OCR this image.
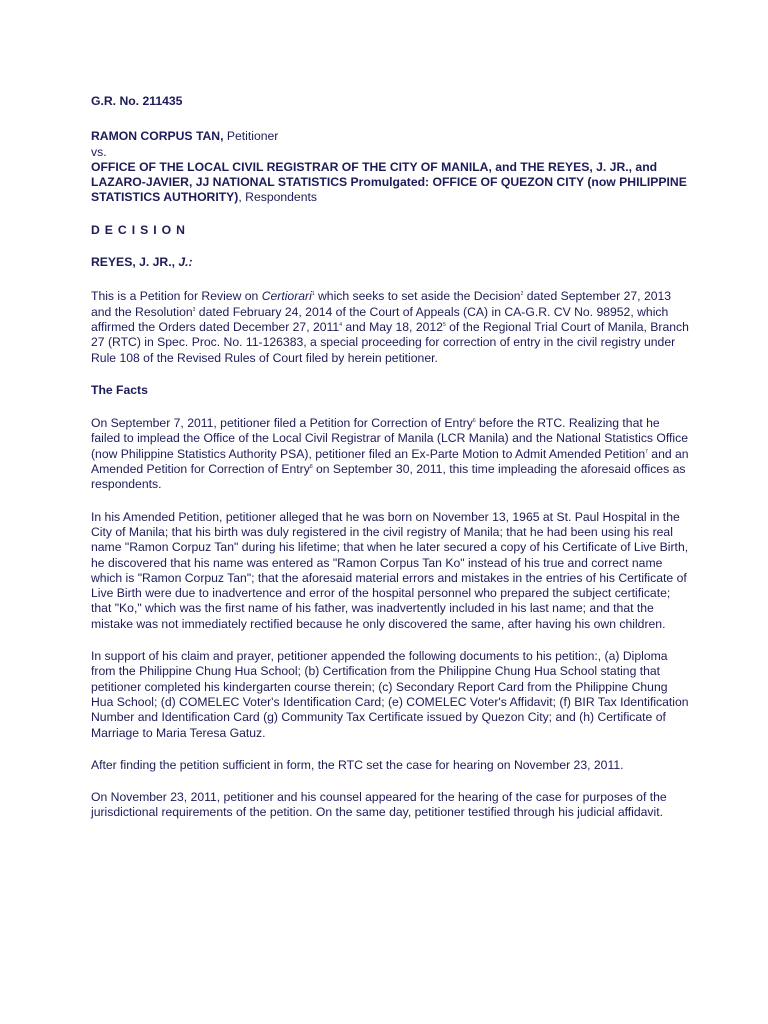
G.R. No. 211435
RAMON CORPUS TAN, Petitioner
vs.
OFFICE OF THE LOCAL CIVIL REGISTRAR OF THE CITY OF MANILA, and THE REYES, J. JR., and LAZARO-JAVIER, JJ NATIONAL STATISTICS Promulgated: OFFICE OF QUEZON CITY (now PHILIPPINE STATISTICS AUTHORITY), Respondents
DECISION
REYES, J. JR., J.:

This is a Petition for Review on Certiorari$^1$ which seeks to set aside the Decision$^2$ dated September 27, 2013 and the Resolution$^3$ dated February 24, 2014 of the Court of Appeals (CA) in CA-G.R. CV No. 98952, which affirmed the Orders dated December 27, 2011$^4$ and May 18, 2012$^5$ of the Regional Trial Court of Manila, Branch 27 (RTC) in Spec. Proc. No. 11-126383, a special proceeding for correction of entry in the civil registry under Rule 108 of the Revised Rules of Court filed by herein petitioner.

The Facts

On September 7, 2011, petitioner filed a Petition for Correction of Entry$^6$ before the RTC. Realizing that he failed to implead the Office of the Local Civil Registrar of Manila (LCR Manila) and the National Statistics Office (now Philippine Statistics Authority PSA), petitioner filed an Ex-Parte Motion to Admit Amended Petition$^7$ and an Amended Petition for Correction of Entry$^8$ on September 30, 2011, this time impleading the aforesaid offices as respondents.

In his Amended Petition, petitioner alleged that he was born on November 13, 1965 at St. Paul Hospital in the City of Manila; that his birth was duly registered in the civil registry of Manila; that he had been using his real name "Ramon Corpuz Tan" during his lifetime; that when he later secured a copy of his Certificate of Live Birth, he discovered that his name was entered as "Ramon Corpus Tan Ko" instead of his true and correct name which is "Ramon Corpuz Tan"; that the aforesaid material errors and mistakes in the entries of his Certificate of Live Birth were due to inadvertence and error of the hospital personnel who prepared the subject certificate; that "Ko," which was the first name of his father, was inadvertently included in his last name; and that the mistake was not immediately rectified because he only discovered the same, after having his own children.

In support of his claim and prayer, petitioner appended the following documents to his petition:, (a) Diploma from the Philippine Chung Hua School; (b) Certification from the Philippine Chung Hua School stating that petitioner completed his kindergarten course therein; (c) Secondary Report Card from the Philippine Chung Hua School; (d) COMELEC Voter's Identification Card; (e) COMELEC Voter's Affidavit; (f) BIR Tax Identification Number and Identification Card (g) Community Tax Certificate issued by Quezon City; and (h) Certificate of Marriage to Maria Teresa Gatuz.

After finding the petition sufficient in form, the RTC set the case for hearing on November 23, 2011.

On November 23, 2011, petitioner and his counsel appeared for the hearing of the case for purposes of the jurisdictional requirements of the petition. On the same day, petitioner testified through his judicial affidavit.
